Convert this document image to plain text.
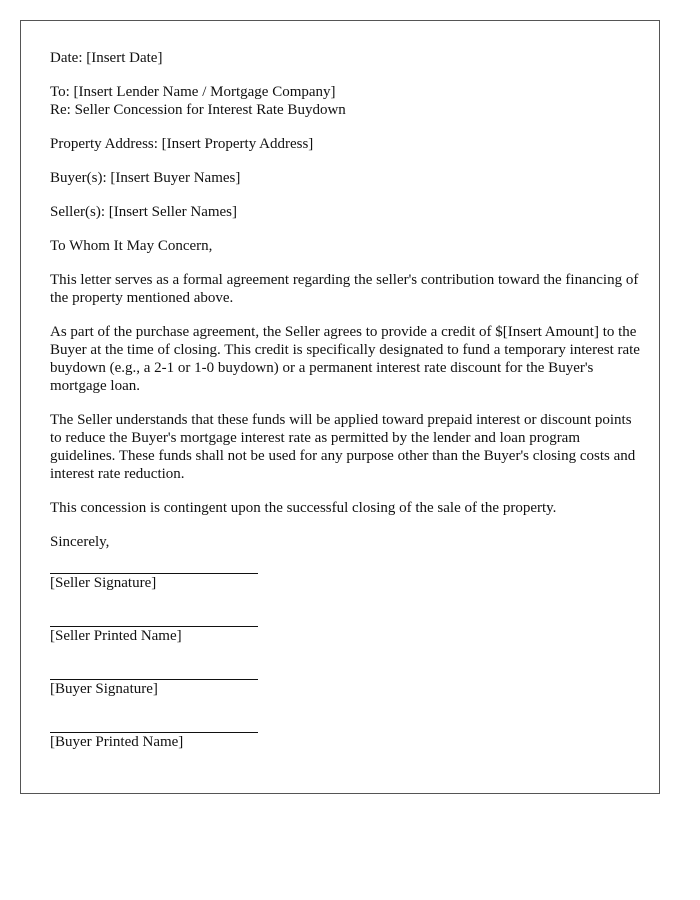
Date: [Insert Date]

To: [Insert Lender Name / Mortgage Company]

Re: Seller Concession for Interest Rate Buydown

Property Address: [Insert Property Address]

Buyer(s): [Insert Buyer Names]

Seller(s): [Insert Seller Names]

To Whom It May Concern,

This letter serves as a formal agreement regarding the seller's contribution toward the financing of the property mentioned above.

As part of the purchase agreement, the Seller agrees to provide a credit of $[Insert Amount] to the Buyer at the time of closing. This credit is specifically designated to fund a temporary interest rate buydown (e.g., a 2-1 or 1-0 buydown) or a permanent interest rate discount for the Buyer's mortgage loan.

The Seller understands that these funds will be applied toward prepaid interest or discount points to reduce the Buyer's mortgage interest rate as permitted by the lender and loan program guidelines. These funds shall not be used for any purpose other than the Buyer's closing costs and interest rate reduction.

This concession is contingent upon the successful closing of the sale of the property.

Sincerely,

[Seller Signature]

[Seller Printed Name]

[Buyer Signature]

[Buyer Printed Name]
